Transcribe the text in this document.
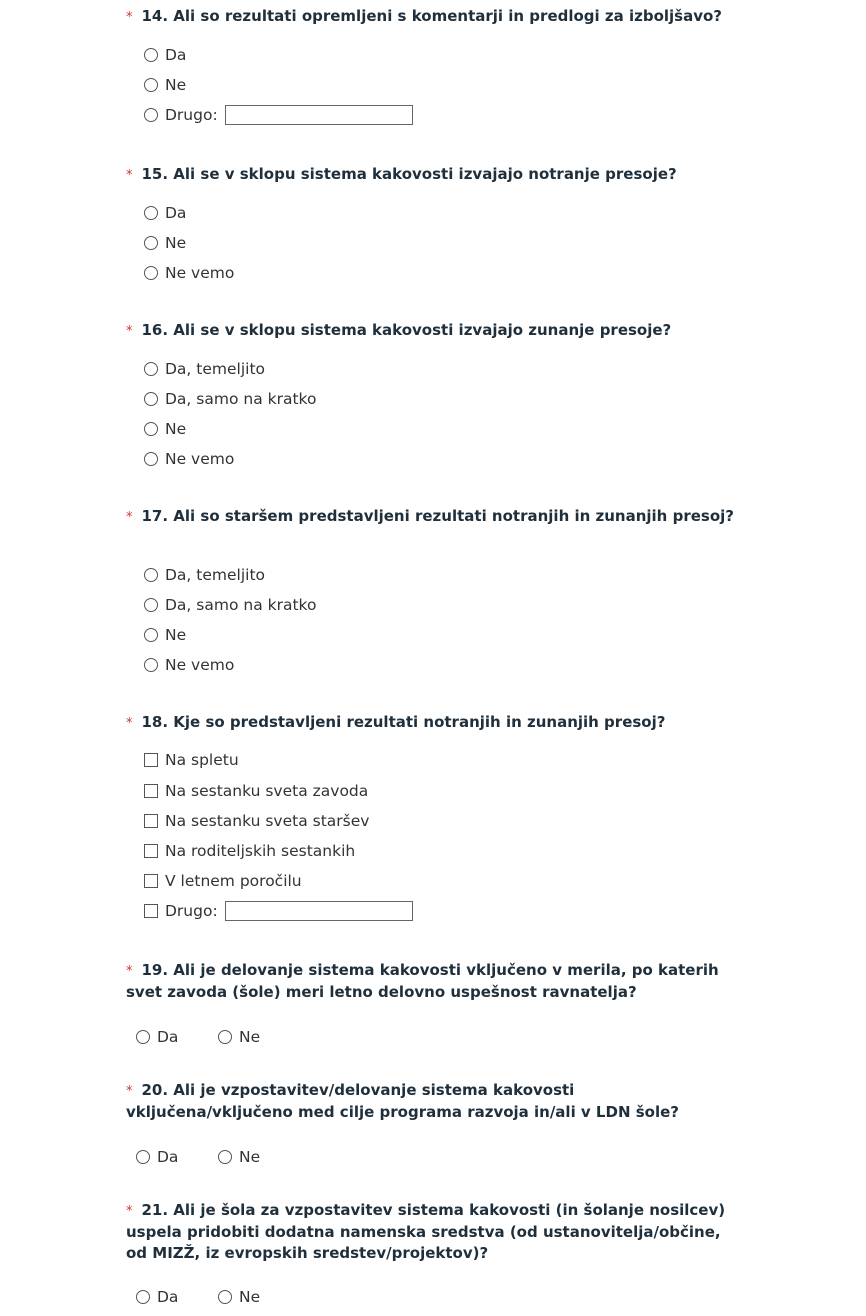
* 14. Ali so rezultati opremljeni s komentarji in predlogi za izboljšavo?

Da
Ne
Drugo:

* 15. Ali se v sklopu sistema kakovosti izvajajo notranje presoje?

Da
Ne
Ne vemo

* 16. Ali se v sklopu sistema kakovosti izvajajo zunanje presoje?

Da, temeljito
Da, samo na kratko
Ne
Ne vemo

* 17. Ali so staršem predstavljeni rezultati notranjih in zunanjih presoj?

Da, temeljito
Da, samo na kratko
Ne
Ne vemo

* 18. Kje so predstavljeni rezultati notranjih in zunanjih presoj?

Na spletu
Na sestanku sveta zavoda
Na sestanku sveta staršev
Na roditeljskih sestankih
V letnem poročilu
Drugo:

* 19. Ali je delovanje sistema kakovosti vključeno v merila, po katerih svet zavoda (šole) meri letno delovno uspešnost ravnatelja?

Da	Ne

* 20. Ali je vzpostavitev/delovanje sistema kakovosti vključena/vključeno med cilje programa razvoja in/ali v LDN šole?

Da	Ne

* 21. Ali je šola za vzpostavitev sistema kakovosti (in šolanje nosilcev) uspela pridobiti dodatna namenska sredstva (od ustanovitelja/občine, od MIZŽ, iz evropskih sredstev/projektov)?

Da	Ne
